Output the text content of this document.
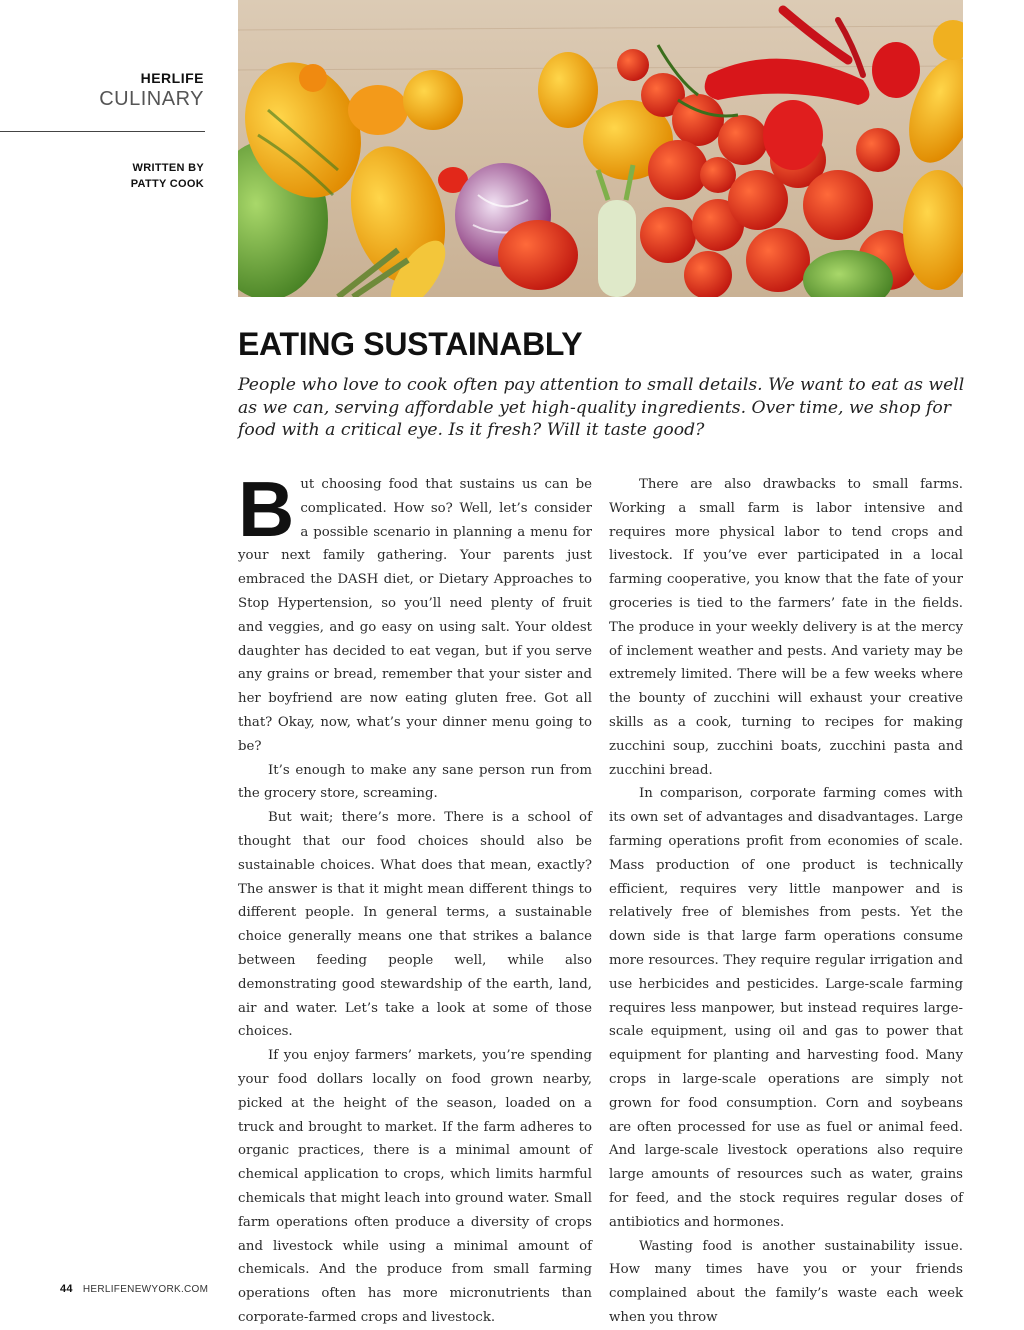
HERLIFE
CULINARY
WRITTEN BY
PATTY COOK
EATING SUSTAINABLY

People who love to cook often pay attention to small details. We want to eat as well as we can, serving affordable yet high-quality ingredients. Over time, we shop for food with a critical eye. Is it fresh? Will it taste good?

But choosing food that sustains us can be complicated. How so? Well, let’s consider a possible scenario in planning a menu for your next family gathering. Your parents just embraced the DASH diet, or Dietary Approaches to Stop Hypertension, so you’ll need plenty of fruit and veggies, and go easy on using salt. Your oldest daughter has decided to eat vegan, but if you serve any grains or bread, remember that your sister and her boyfriend are now eating gluten free. Got all that? Okay, now, what’s your dinner menu going to be?

It’s enough to make any sane person run from the grocery store, screaming.

But wait; there’s more. There is a school of thought that our food choices should also be sustainable choices. What does that mean, exactly? The answer is that it might mean different things to different people. In general terms, a sustainable choice generally means one that strikes a balance between feeding people well, while also demonstrating good stewardship of the earth, land, air and water. Let’s take a look at some of those choices.

If you enjoy farmers’ markets, you’re spending your food dollars locally on food grown nearby, picked at the height of the season, loaded on a truck and brought to market. If the farm adheres to organic practices, there is a minimal amount of chemical application to crops, which limits harmful chemicals that might leach into ground water. Small farm operations often produce a diversity of crops and livestock while using a minimal amount of chemicals. And the produce from small farming operations often has more micronutrients than corporate-farmed crops and livestock.

There are also drawbacks to small farms. Working a small farm is labor intensive and requires more physical labor to tend crops and livestock. If you’ve ever participated in a local farming cooperative, you know that the fate of your groceries is tied to the farmers’ fate in the fields. The produce in your weekly delivery is at the mercy of inclement weather and pests. And variety may be extremely limited. There will be a few weeks where the bounty of zucchini will exhaust your creative skills as a cook, turning to recipes for making zucchini soup, zucchini boats, zucchini pasta and zucchini bread.

In comparison, corporate farming comes with its own set of advantages and disadvantages. Large farming operations profit from economies of scale. Mass production of one product is technically efficient, requires very little manpower and is relatively free of blemishes from pests. Yet the down side is that large farm operations consume more resources. They require regular irrigation and use herbicides and pesticides. Large-scale farming requires less manpower, but instead requires large-scale equipment, using oil and gas to power that equipment for planting and harvesting food. Many crops in large-scale operations are simply not grown for food consumption. Corn and soybeans are often processed for use as fuel or animal feed. And large-scale livestock operations also require large amounts of resources such as water, grains for feed, and the stock requires regular doses of antibiotics and hormones.

Wasting food is another sustainability issue. How many times have you or your friends complained about the family’s waste each week when you throw

44 HERLIFENEWYORK.COM
